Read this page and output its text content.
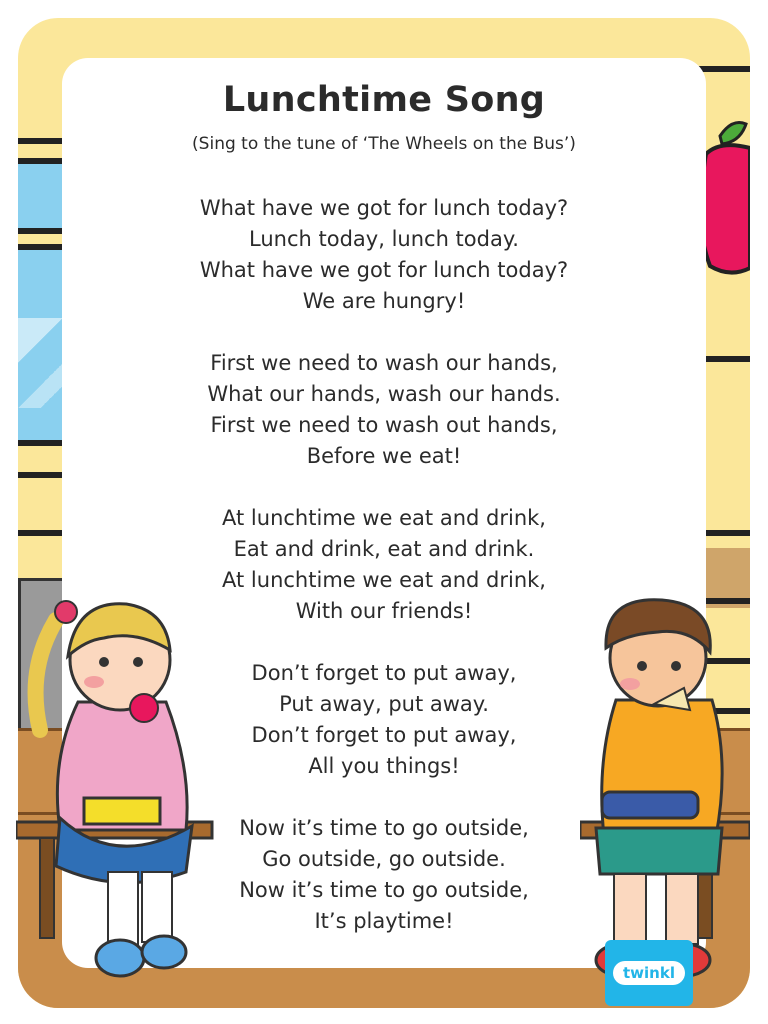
Lunchtime Song
(Sing to the tune of ‘The Wheels on the Bus’)
What have we got for lunch today?
Lunch today, lunch today.
What have we got for lunch today?
We are hungry!
First we need to wash our hands,
What our hands, wash our hands.
First we need to wash out hands,
Before we eat!
At lunchtime we eat and drink,
Eat and drink, eat and drink.
At lunchtime we eat and drink,
With our friends!
Don’t forget to put away,
Put away, put away.
Don’t forget to put away,
All you things!
Now it’s time to go outside,
Go outside, go outside.
Now it’s time to go outside,
It’s playtime!
twinkl
